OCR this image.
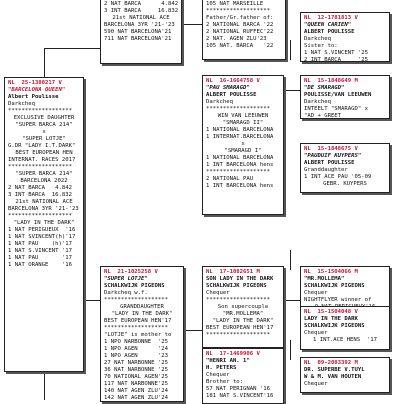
2 NAT BARCA      4.842
3 INT BARCA     16.832
21st NATIONAL ACE
BARCELONA 3YR '21-'23
590 NAT BARCELONA'21
711 NAT BARCELONA'21
105 NAT MARSEILLE
*******************
Father/Gr.father of:
2 NATIONAL BARCA '22
2 NATIONAL RUFFEC'22
2 NAT. AGEN ZLU'23
105 NAT. BARCA   '22
NL  25-1380217 V
"BARCELONA QUEEN"
Albert Poulisse
Darkcheq
*******************
EXCLUSIVE DAUGHTER
"SUPER BARCA 214"
x
"SUPER LOTJE"
G.DR "LADY I.T.DARK"
BEST EUROPEAN HEN
INTERNAT. RACES 2017
*******************
"SUPER BARCA 214"
BARCELONA 2022
2 NAT BARCA   4.842
3 INT BARCA  16.832
21st NATIONAL ACE
BARCELONA 3YR '21-'23
*******************
"LADY IN THE DARK"
1 NAT PERIGUEUX  '16
1 NAT SVINCENT(h)'17
1 NAT PAU    (h)'17
1 NAT S.VINCENT '17
1 NAT PAU       '17
1 NAT ORANGE    '16
NL  16-1664758 V
"PAU SMARAGD"
ALBERT POULISSE
Darkcheq
*******************
WIN VAN LEEUWEN
"SMARAGD II"
1 NATIONAL BARCELONA
1 INTERNAT.BARCELONA
x
"SMARAGD I"
1 NATIONAL BARCELONA
1 INT BARCELONA hens
*******************
2 NATIONAL PAU
1 INT BARCELONA hens
NL  21-1025258 V
"SUPER LOTJE"
SCHALKWIJK PIGEONS
Darkcheq w.f.
*******************
GRANDDAUGHTER
"LADY IN THE DARK"
BEST EUROPEAN HEN'17
*******************
"LOTJE" is mother to
1 NPO NARBONNE  '25
1 NPO AGEN      '24
1 NPO AGEN      '23
27 NAT NARBONNE '25
36 NAT NARBONNE '25
70 NATIONAL AGEN'25
117 NAT NARBONNE'25
140 NAT AGEN ZLU'24
142 NAT AGEN ZLU'24
NL  17-1082651 M
SON LADY IN THE DARK
SCHALKWIJK PIGEONS
Chequer
*******************
Son supercouple
"MR.MOLLEMA"
"LADY IN THE DARK"
BEST EUROPEAN HEN'17
*******************
NL  17-1469906 V
"HENRI AN. 1"
H. PETERS
Chequer
Brother to:
57 NAT PERIGNAN '16
181 NAT S.VINCENT'16
NL  12-1781813 V
"QUEEN CARIEN"
ALBERT POULISSE
Darkcheq
Sister to:
1 NAT S.VINCENT '25
2 INT BARCA     '25
NL  15-1848649 M
"DE SMARAGD"
POULISSE/VAN LEEUWEN
Darkcheq
INTEELT "SMARAGD" x
"AD + GREET
NL  15-1848675 V
"PAUDUIF KUYPERS"
ALBERT POULISSE
Granddaughter
1 INT ACE PAU '05-09
GEBR. KUYPERS
NL  15-1504066 M
"MR.MOLLEMA"
SCHALKWIJK PIGEONS
Chequer
NIGHTFLYER winner of
NL  15-1504048 V
LADY IN THE DARK
SCHALKWIJK PIGEONS
Chequer
1 INT.ACE HENS  '17
NL  09-2083392 M
DR. SUPERBE V.TUYL
W & M. VAN HOUTEN
Chequer
